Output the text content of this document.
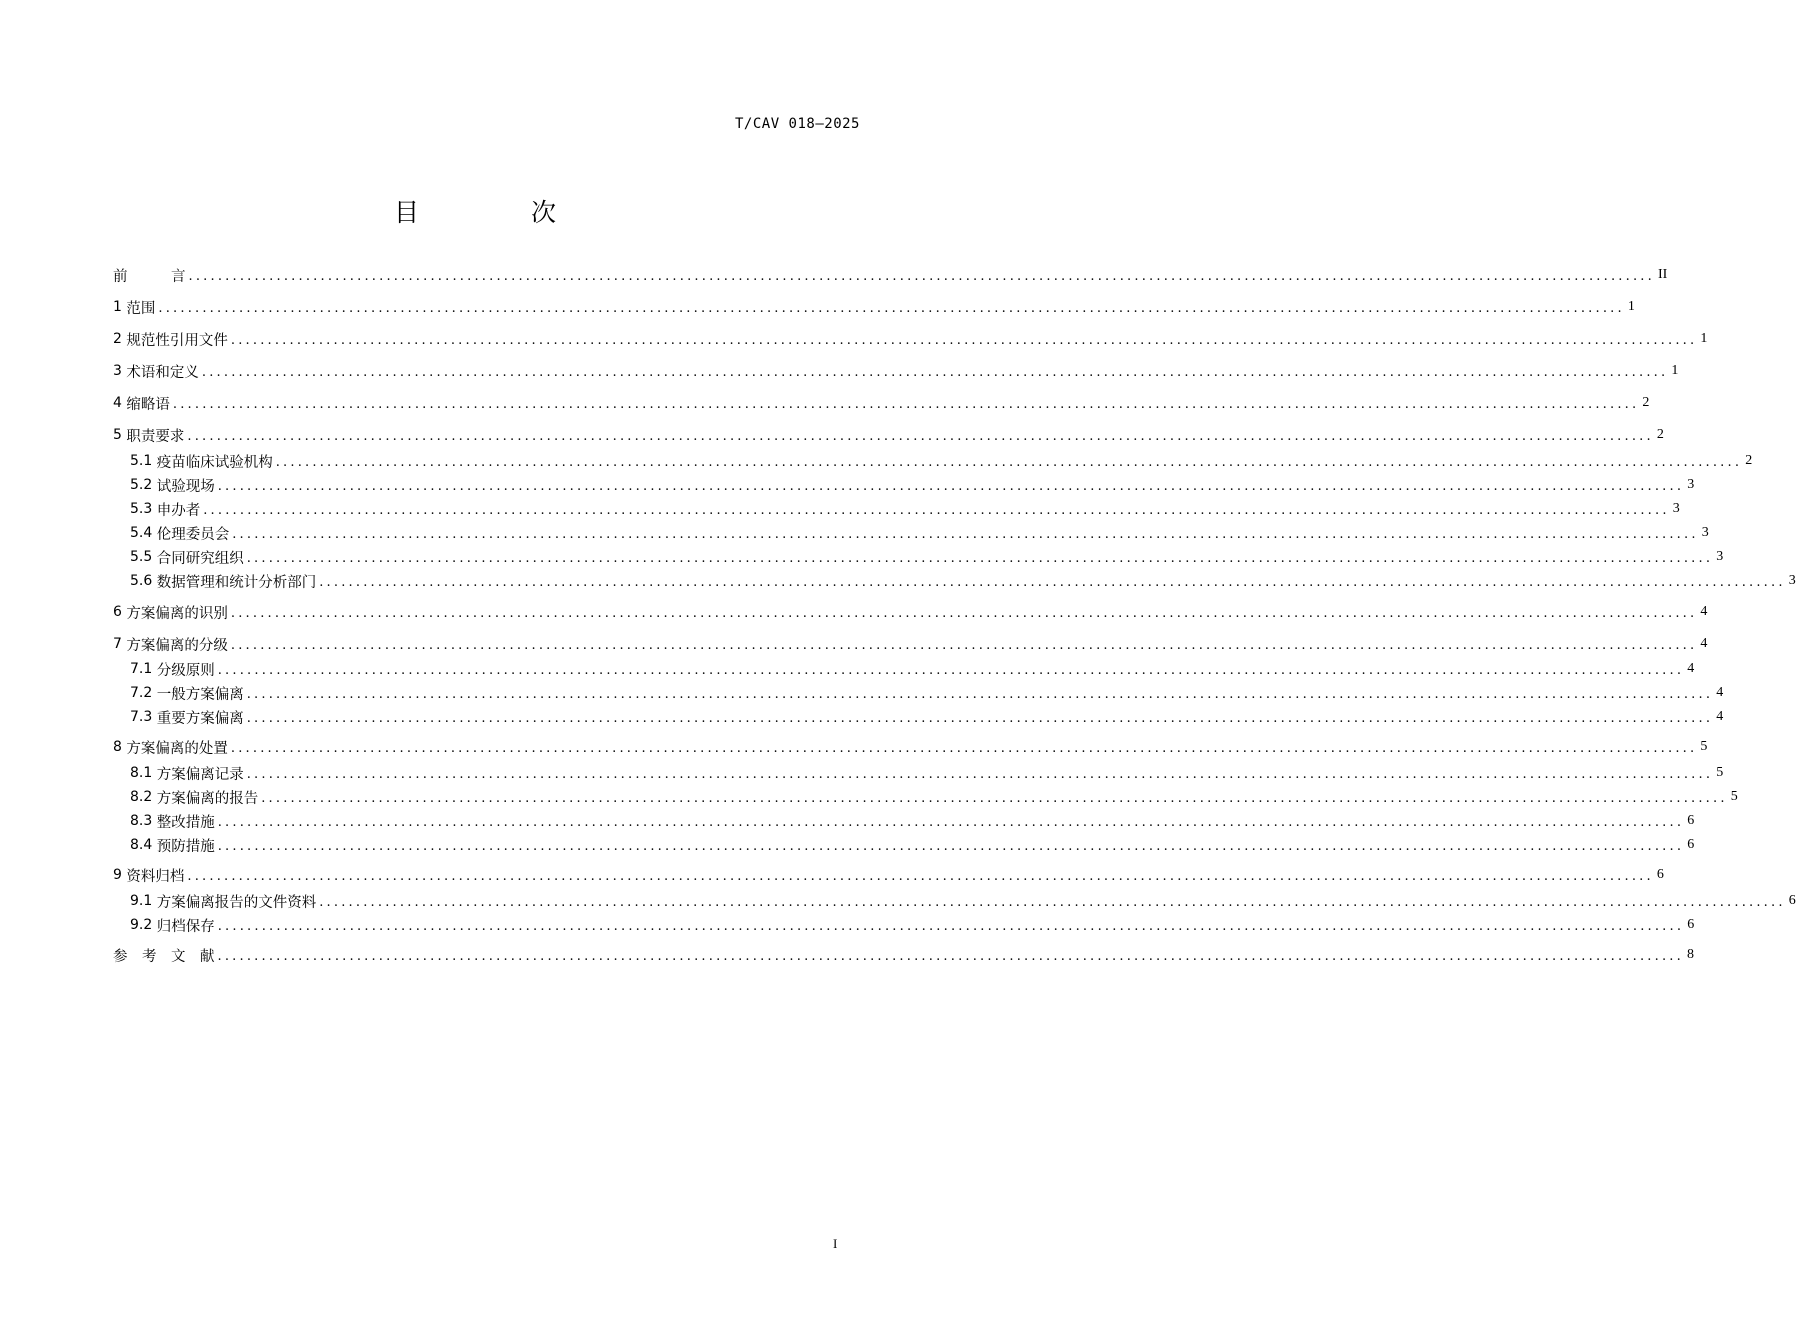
T/CAV 018—2025
目 次
前　　　言 ........................................................................................................................................................................................................ II
1 范围 ........................................................................................................................................................................................................ 1
2 规范性引用文件 ........................................................................................................................................................................................................ 1
3 术语和定义 ........................................................................................................................................................................................................ 1
4 缩略语 ........................................................................................................................................................................................................ 2
5 职责要求 ........................................................................................................................................................................................................ 2
5.1 疫苗临床试验机构 ........................................................................................................................................................................................................ 2
5.2 试验现场 ........................................................................................................................................................................................................ 3
5.3 申办者 ........................................................................................................................................................................................................ 3
5.4 伦理委员会 ........................................................................................................................................................................................................ 3
5.5 合同研究组织 ........................................................................................................................................................................................................ 3
5.6 数据管理和统计分析部门 ........................................................................................................................................................................................................ 3
6 方案偏离的识别 ........................................................................................................................................................................................................ 4
7 方案偏离的分级 ........................................................................................................................................................................................................ 4
7.1 分级原则 ........................................................................................................................................................................................................ 4
7.2 一般方案偏离 ........................................................................................................................................................................................................ 4
7.3 重要方案偏离 ........................................................................................................................................................................................................ 4
8 方案偏离的处置 ........................................................................................................................................................................................................ 5
8.1 方案偏离记录 ........................................................................................................................................................................................................ 5
8.2 方案偏离的报告 ........................................................................................................................................................................................................ 5
8.3 整改措施 ........................................................................................................................................................................................................ 6
8.4 预防措施 ........................................................................................................................................................................................................ 6
9 资料归档 ........................................................................................................................................................................................................ 6
9.1 方案偏离报告的文件资料 ........................................................................................................................................................................................................ 6
9.2 归档保存 ........................................................................................................................................................................................................ 6
参　考　文　献 ........................................................................................................................................................................................................ 8
I
